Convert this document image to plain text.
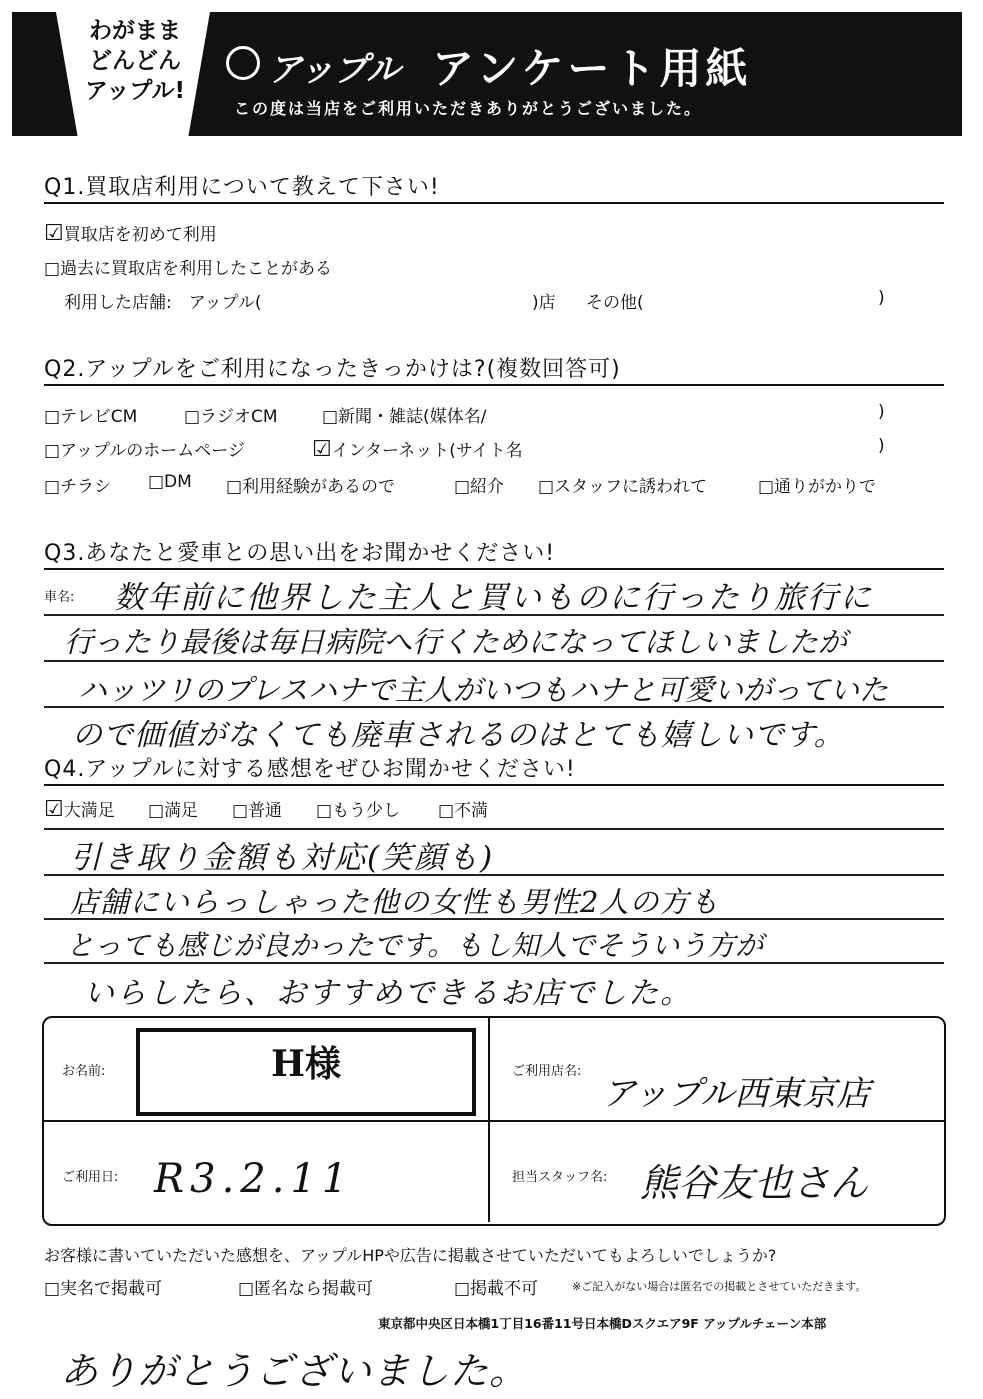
わがまま
どんどん
アップル!
アップル アンケート用紙
この度は当店をご利用いただきありがとうございました。
Q1.買取店利用について教えて下さい!
☑買取店を初めて利用
□過去に買取店を利用したことがある
利用した店舗:　アップル(	)店 その他(	)
Q2.アップルをご利用になったきっかけは?(複数回答可)
□テレビCM	□ラジオCM	□新聞・雑誌(媒体名/	)
□アップルのホームページ	☑インターネット(サイト名	)
□チラシ □DM □利用経験があるので	□紹介 □スタッフに誘われて	□通りがかりで
Q3.あなたと愛車との思い出をお聞かせください!
車名: 数年前に他界した主人と買いものに行ったり旅行に
行ったり最後は毎日病院へ行くためになってほしいましたが
ハッツリのプレスハナで主人がいつもハナと可愛いがっていた
ので価値がなくても廃車されるのはとても嬉しいです。
Q4.アップルに対する感想をぜひお聞かせください!
☑大満足 □満足 □普通 □もう少し □不満
引き取り金額も対応(笑顔も)
店舗にいらっしゃった他の女性も男性2人の方も
とっても感じが良かったです。もし知人でそういう方が
いらしたら、おすすめできるお店でした。
お名前:	H様	ご利用店名:
アップル西東京店
ご利用日: R3.2.11	担当スタッフ名: 熊谷友也さん
お客様に書いていただいた感想を、アップルHPや広告に掲載させていただいてもよろしいでしょうか?
□実名で掲載可	□匿名なら掲載可	□掲載不可	※ご記入がない場合は匿名での掲載とさせていただきます。
東京都中央区日本橋1丁目16番11号日本橋Dスクエア9F アップルチェーン本部
ありがとうございました。
